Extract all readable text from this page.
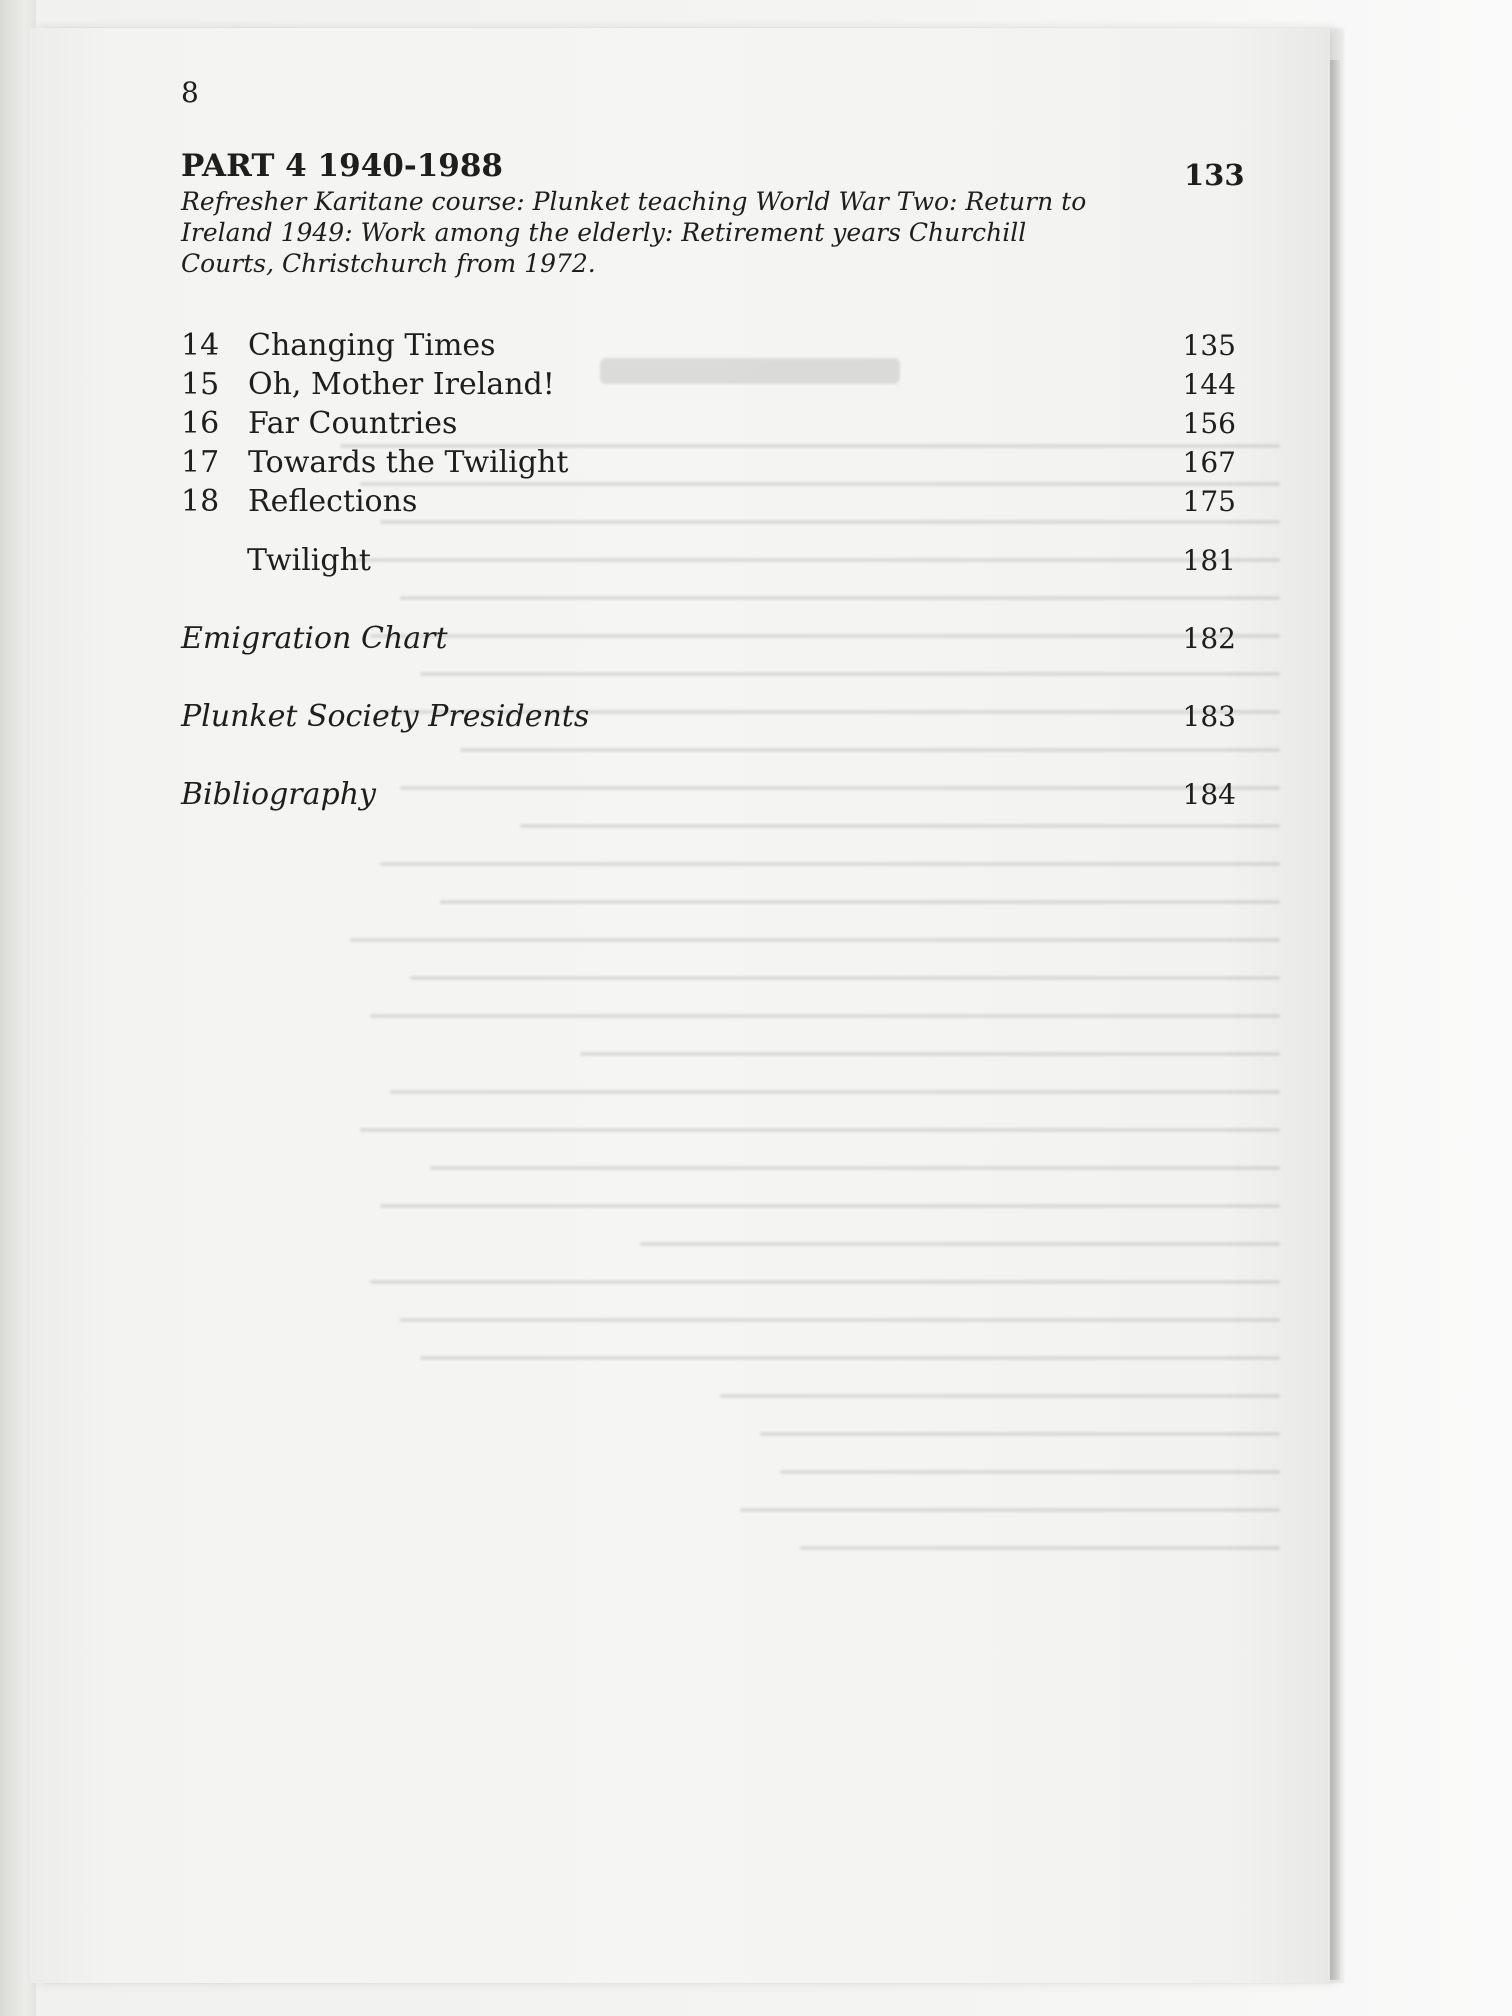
8
PART 4 1940-1988	133
Refresher Karitane course: Plunket teaching World War Two: Return to Ireland 1949: Work among the elderly: Retirement years Churchill Courts, Christchurch from 1972.
14 Changing Times	135
15 Oh, Mother Ireland!	144
16 Far Countries	156
17 Towards the Twilight	167
18 Reflections	175
Twilight	181
Emigration Chart	182
Plunket Society Presidents	183
Bibliography	184
